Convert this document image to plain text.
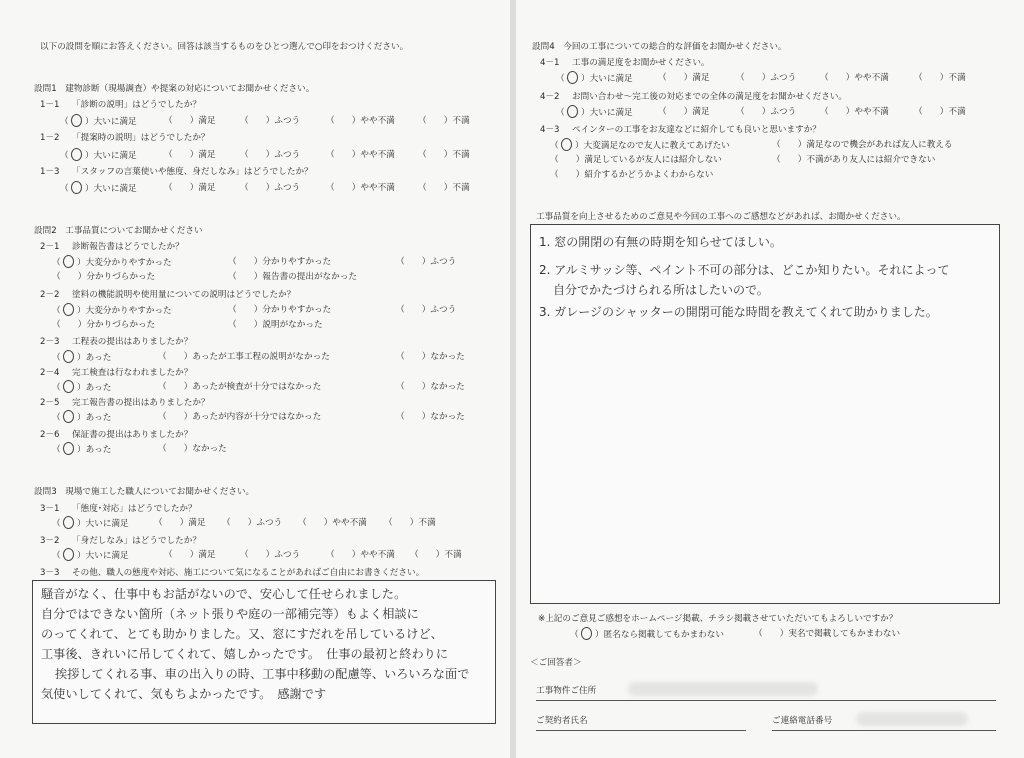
以下の設問を順にお答えください。回答は該当するものをひとつ選んで○印をおつけください。
設問1　建物診断（現場調査）や提案の対応についてお聞かせください。
1－1 「診断の説明」はどうでしたか？
（  ）大いに満足	（　　）満足	（　　）ふつう	（　　）やや不満	（　　）不満
1－2 「提案時の説明」はどうでしたか？
（  ）大いに満足	（　　）満足	（　　）ふつう	（　　）やや不満	（　　）不満
1－3 「スタッフの言葉使いや態度、身だしなみ」はどうでしたか？
（  ）大いに満足	（　　）満足	（　　）ふつう	（　　）やや不満	（　　）不満
設問2　工事品質についてお聞かせください
2－1 診断報告書はどうでしたか？
（  ）大変分かりやすかった	（　　）分かりやすかった	（　　）ふつう
（　　）分かりづらかった	（　　）報告書の提出がなかった
2－2 塗料の機能説明や使用量についての説明はどうでしたか？
（  ）大変分かりやすかった	（　　）分かりやすかった	（　　）ふつう
（　　）分かりづらかった	（　　）説明がなかった
2－3 工程表の提出はありましたか？
（  ）あった	（　　）あったが工事工程の説明がなかった	（　　）なかった
2－4 完工検査は行なわれましたか？
（  ）あった	（　　）あったが検査が十分ではなかった	（　　）なかった
2－5 完工報告書の提出はありましたか？
（  ）あった	（　　）あったが内容が十分ではなかった	（　　）なかった
2－6 保証書の提出はありましたか？
（  ）あった	（　　）なかった
設問3　現場で施工した職人についてお聞かせください。
3－1 「態度･対応」はどうでしたか？
（  ）大いに満足	（　　）満足 （　　）ふつう （　　）やや不満 （　　）不満
3－2 「身だしなみ」はどうでしたか？
（  ）大いに満足	（　　）満足	（　　）ふつう	（　　）やや不満 （　　）不満
3－3 その他、職人の態度や対応、施工について気になることがあればご自由にお書きください。
騒音がなく、仕事中もお話がないので、安心して任せられました。
自分ではできない箇所（ネット張りや庭の一部補完等）もよく相談に
のってくれて、とても助かりました。又、窓にすだれを吊しているけど、
工事後、きれいに吊してくれて、嬉しかったです。　仕事の最初と終わりに
挨拶してくれる事、車の出入りの時、工事中移動の配慮等、いろいろな面で
気使いしてくれて、気もちよかったです。　感謝です
設問4　今回の工事についての総合的な評価をお聞かせください。
4－1 工事の満足度をお聞かせください。
（  ）大いに満足	（　　）満足	（　　）ふつう	（　　）やや不満	（　　）不満
4－2 お問い合わせ～完工後の対応までの全体の満足度をお聞かせください。
（  ）大いに満足	（　　）満足	（　　）ふつう	（　　）やや不満	（　　）不満
4－3 ペインターの工事をお友達などに紹介しても良いと思いますか？
（  ）大変満足なので友人に教えてあげたい	（　　）満足なので機会があれば友人に教える
（　　）満足しているが友人には紹介しない	（　　）不満があり友人には紹介できない
（　　）紹介するかどうかよくわからない
工事品質を向上させるためのご意見や今回の工事へのご感想などがあれば、お聞かせください。
1. 窓の開閉の有無の時期を知らせてほしい。
2. アルミサッシ等、ペイント不可の部分は、どこか知りたい。それによって
自分でかたづけられる所はしたいので。
3. ガレージのシャッターの開閉可能な時間を教えてくれて助かりました。
※上記のご意見ご感想をホームページ掲載、チラシ掲載させていただいてもよろしいですか？
（  ）匿名なら掲載してもかまわない	（　　）実名で掲載してもかまわない
＜ご回答者＞
工事物件ご住所
ご契約者氏名	ご連絡電話番号
